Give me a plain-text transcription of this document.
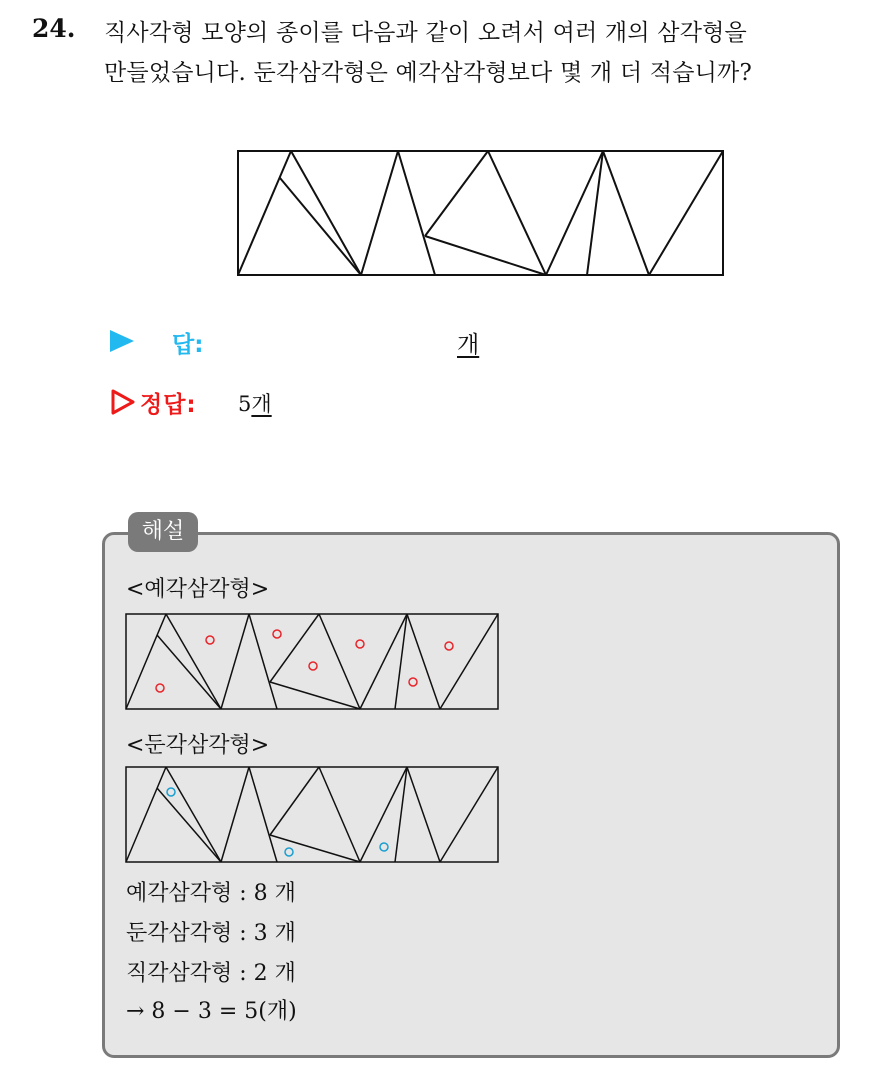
24. 직사각형 모양의 종이를 다음과 같이 오려서 여러 개의 삼각형을
만들었습니다. 둔각삼각형은 예각삼각형보다 몇 개 더 적습니까?
답:	개
정답: 5개
해설
<예각삼각형>
<둔각삼각형>
예각삼각형 : 8 개
둔각삼각형 : 3 개
직각삼각형 : 2 개
→ 8 − 3 = 5(개)
